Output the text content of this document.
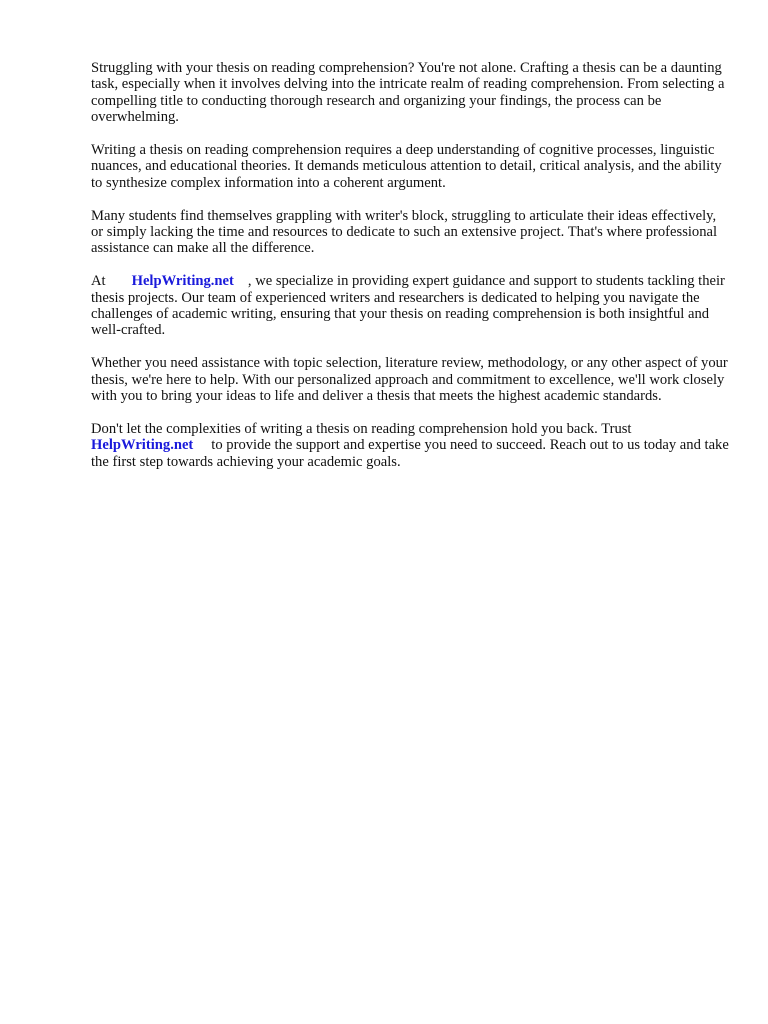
Struggling with your thesis on reading comprehension? You're not alone. Crafting a thesis can be a daunting task, especially when it involves delving into the intricate realm of reading comprehension. From selecting a compelling title to conducting thorough research and organizing your findings, the process can be overwhelming.

Writing a thesis on reading comprehension requires a deep understanding of cognitive processes, linguistic nuances, and educational theories. It demands meticulous attention to detail, critical analysis, and the ability to synthesize complex information into a coherent argument.

Many students find themselves grappling with writer's block, struggling to articulate their ideas effectively, or simply lacking the time and resources to dedicate to such an extensive project. That's where professional assistance can make all the difference.

At HelpWriting.net , we specialize in providing expert guidance and support to students tackling their thesis projects. Our team of experienced writers and researchers is dedicated to helping you navigate the challenges of academic writing, ensuring that your thesis on reading comprehension is both insightful and well-crafted.

Whether you need assistance with topic selection, literature review, methodology, or any other aspect of your thesis, we're here to help. With our personalized approach and commitment to excellence, we'll work closely with you to bring your ideas to life and deliver a thesis that meets the highest academic standards.

Don't let the complexities of writing a thesis on reading comprehension hold you back. Trust
HelpWriting.net to provide the support and expertise you need to succeed. Reach out to us today and take the first step towards achieving your academic goals.
